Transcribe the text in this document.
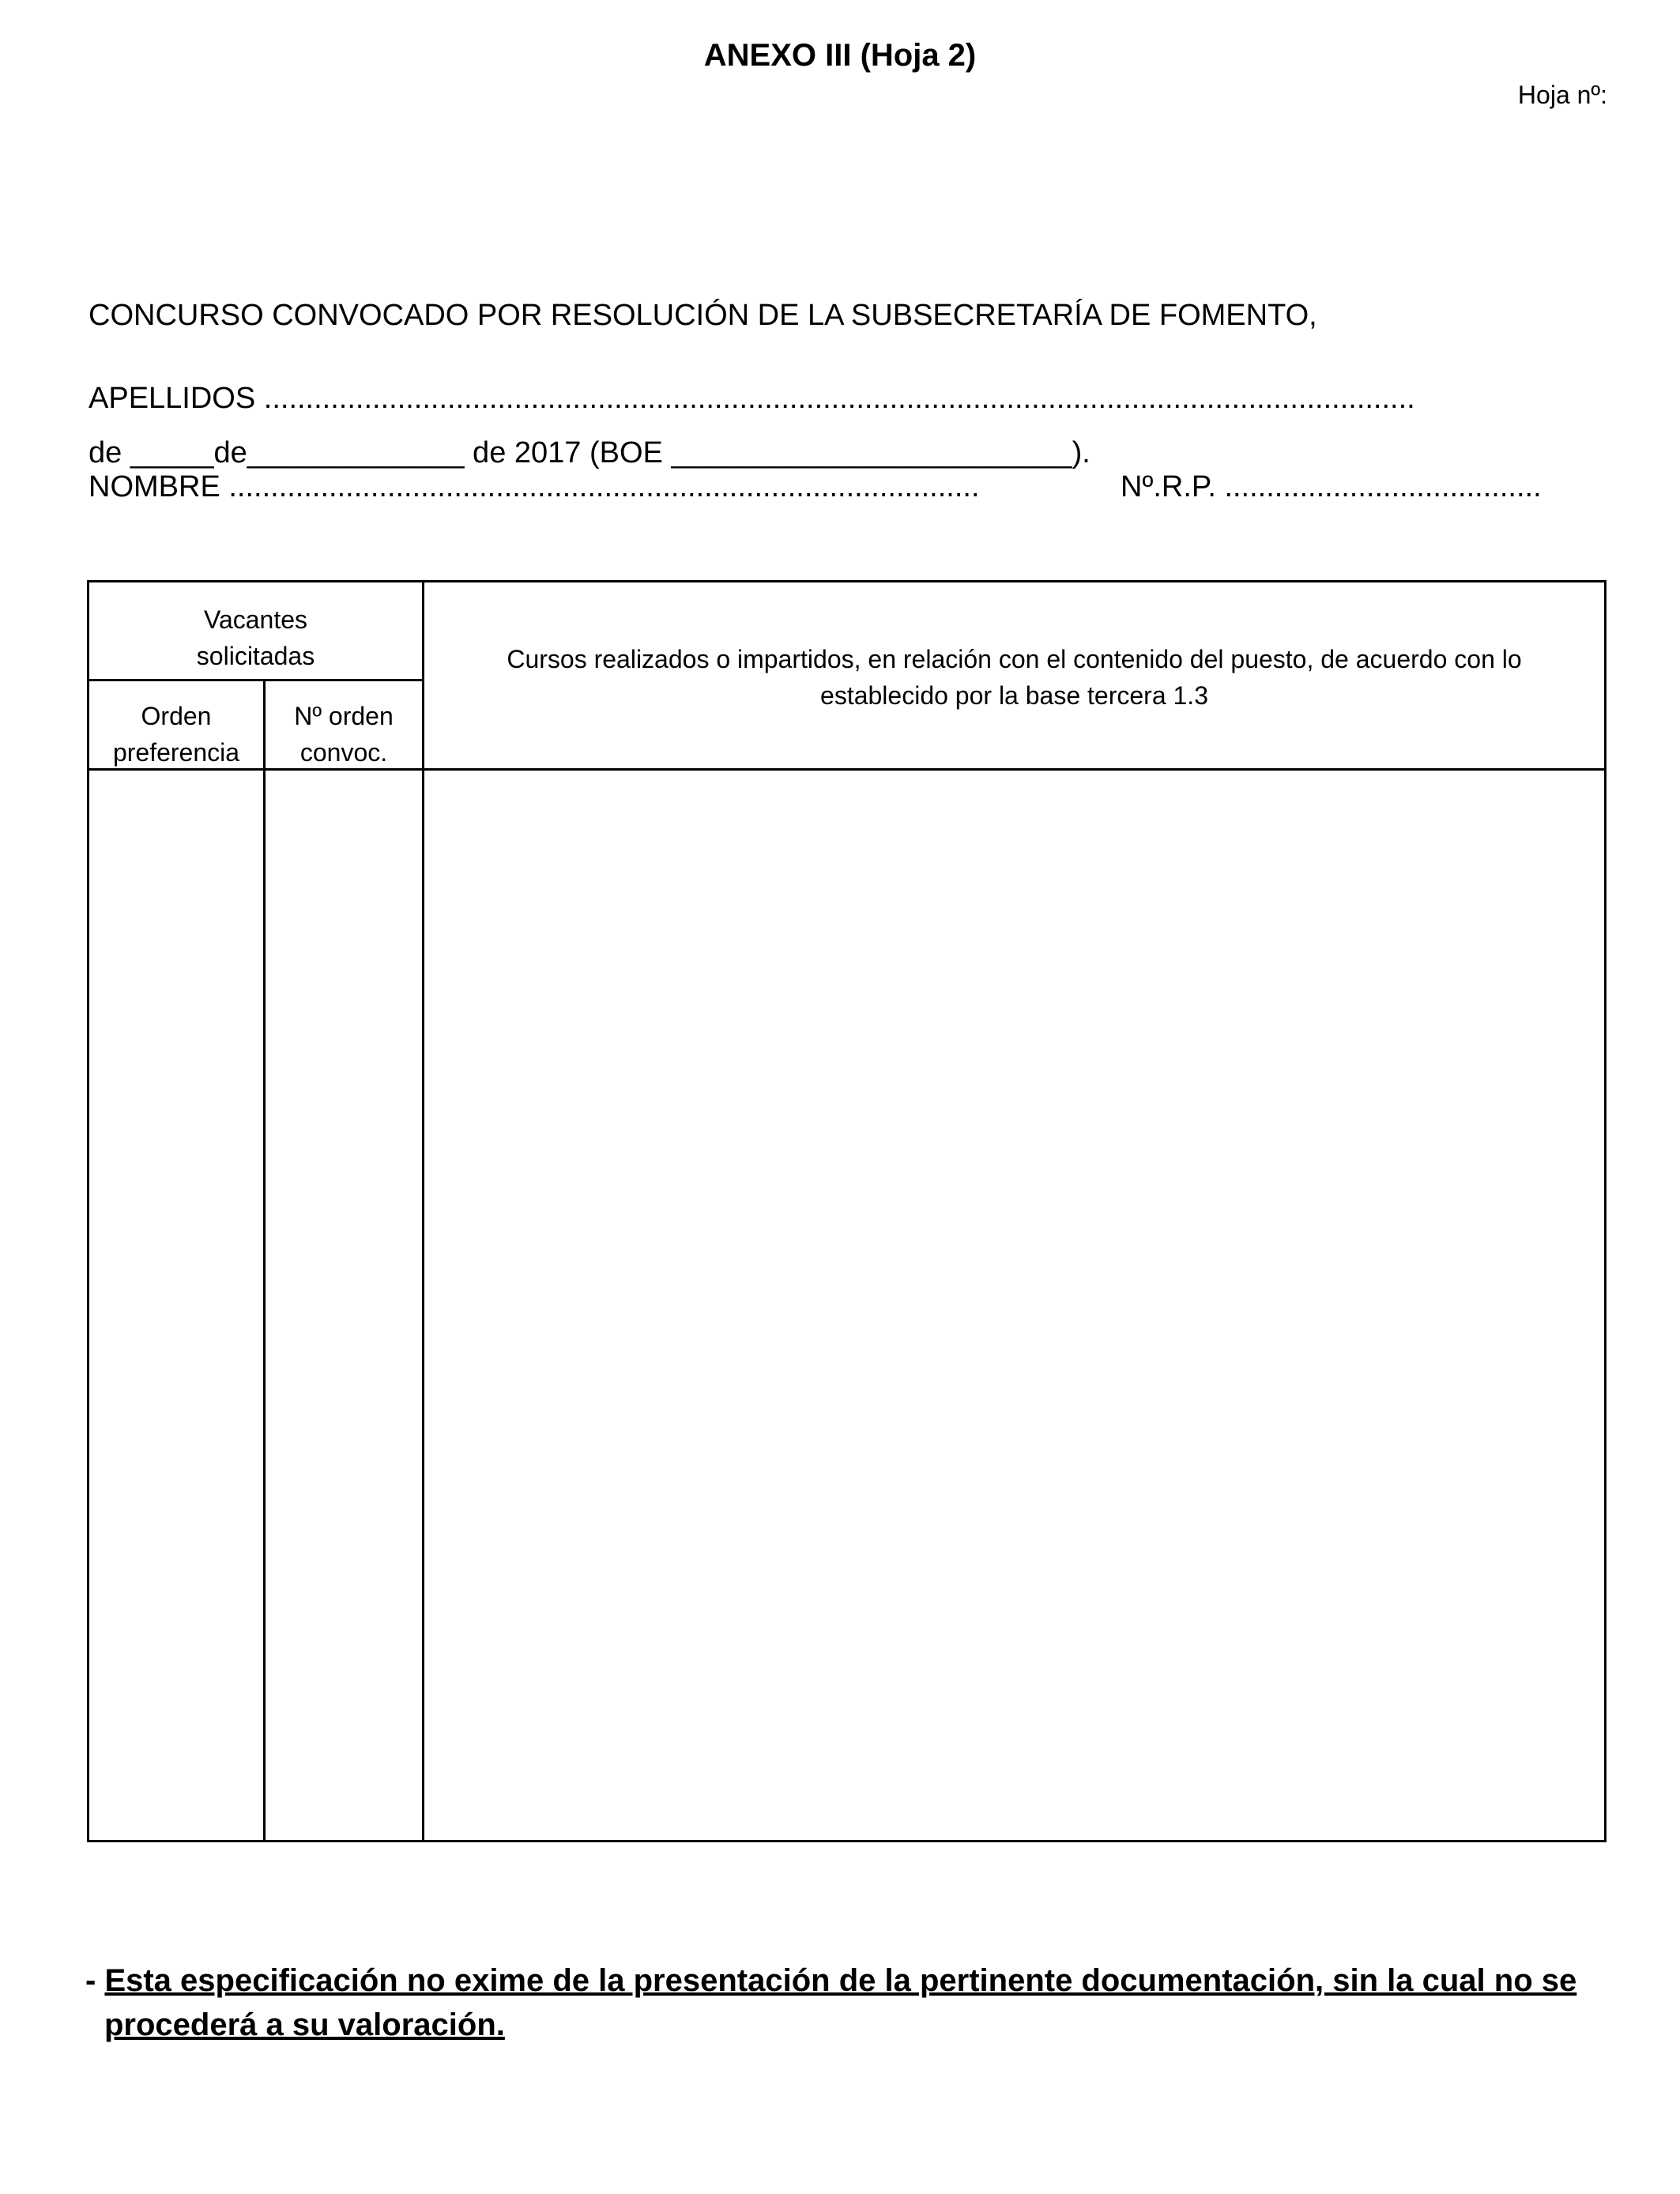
ANEXO III (Hoja 2)
Hoja nº:

CONCURSO CONVOCADO POR RESOLUCIÓN DE LA SUBSECRETARÍA DE FOMENTO,

de _____de_____________ de 2017 (BOE ________________________).

APELLIDOS ..........................................................................................................................................
NOMBRE ..........................................................................................	Nº.R.P. ......................................
Vacantes
solicitadas
Orden
preferencia
Nº orden
convoc.
Cursos realizados o impartidos, en relación con el contenido del puesto, de acuerdo con lo
establecido por la base tercera 1.3
- Esta especificación no exime de la presentación de la pertinente documentación, sin la cual no se
procederá a su valoración.
